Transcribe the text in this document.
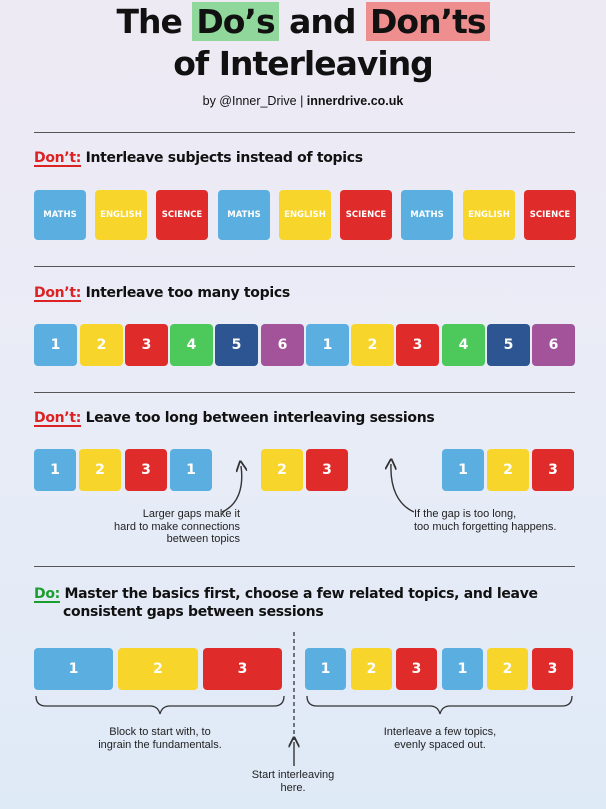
The Do’s and Don’ts
of Interleaving
by @Inner_Drive | innerdrive.co.uk
Don’t: Interleave subjects instead of topics
MATHS	ENGLISH	SCIENCE	MATHS	ENGLISH	SCIENCE	MATHS	ENGLISH	SCIENCE
Don’t: Interleave too many topics
1	2	3	4	5	6	1	2	3	4	5	6
Don’t: Leave too long between interleaving sessions
1	2	3	1	2	3	1	2	3
Larger gaps make it
hard to make connections
between topics
If the gap is too long,
too much forgetting happens.
Do: Master the basics first, choose a few related topics, and leave
consistent gaps between sessions
1	2	3	1	2	3	1	2	3
Block to start with, to
ingrain the fundamentals.
Interleave a few topics,
evenly spaced out.
Start interleaving
here.
